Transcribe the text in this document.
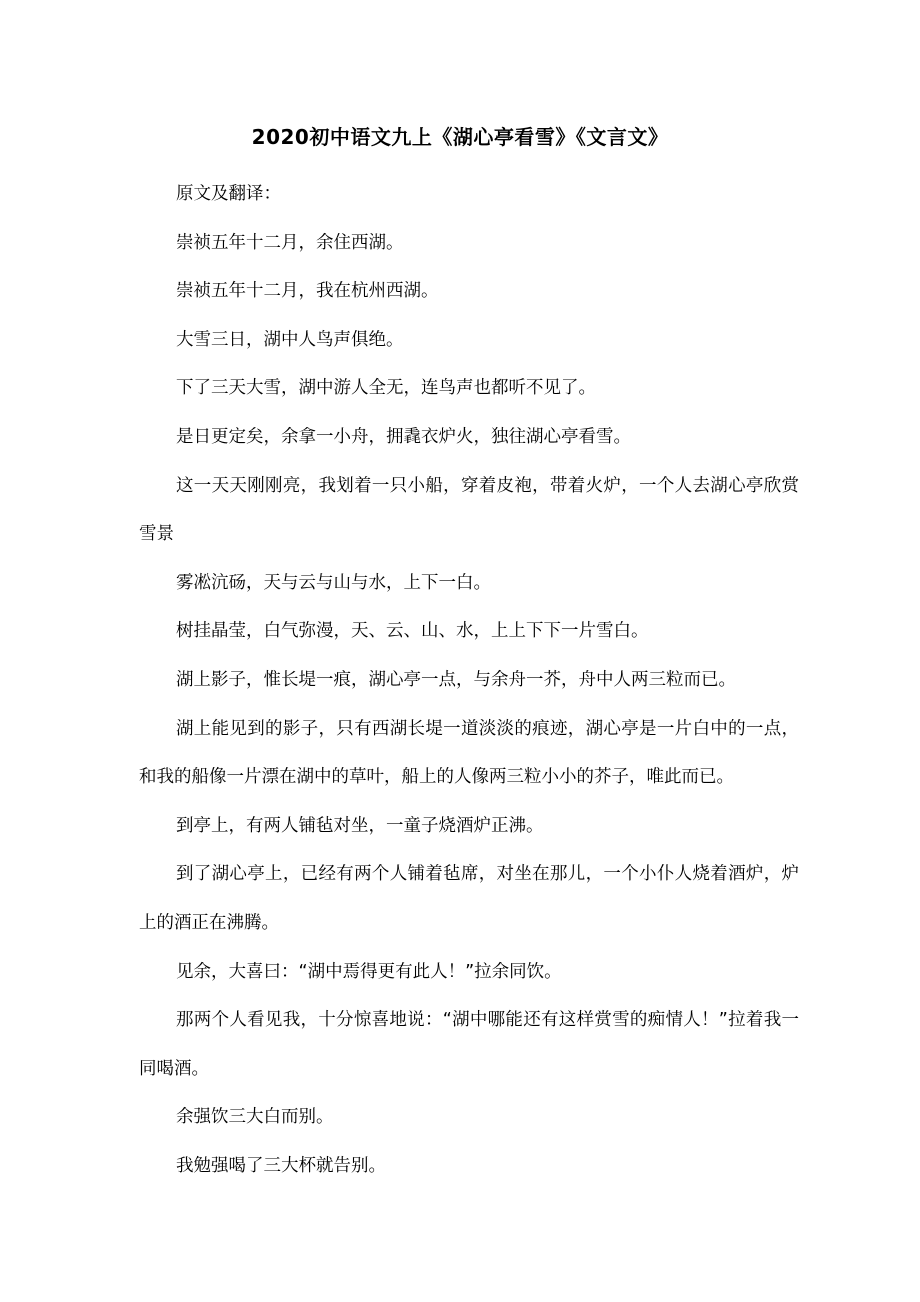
2020初中语文九上《湖心亭看雪》《文言文》

原文及翻译：

崇祯五年十二月，余住西湖。

崇祯五年十二月，我在杭州西湖。

大雪三日，湖中人鸟声俱绝。

下了三天大雪，湖中游人全无，连鸟声也都听不见了。

是日更定矣，余拿一小舟，拥毳衣炉火，独往湖心亭看雪。

这一天天刚刚亮，我划着一只小船，穿着皮袍，带着火炉，一个人去湖心亭欣赏雪景

雾凇沆砀，天与云与山与水，上下一白。

树挂晶莹，白气弥漫，天、云、山、水，上上下下一片雪白。

湖上影子，惟长堤一痕，湖心亭一点，与余舟一芥，舟中人两三粒而已。

湖上能见到的影子，只有西湖长堤一道淡淡的痕迹，湖心亭是一片白中的一点，和我的船像一片漂在湖中的草叶，船上的人像两三粒小小的芥子，唯此而已。

到亭上，有两人铺毡对坐，一童子烧酒炉正沸。

到了湖心亭上，已经有两个人铺着毡席，对坐在那儿，一个小仆人烧着酒炉，炉上的酒正在沸腾。

见余，大喜曰：“湖中焉得更有此人！”拉余同饮。

那两个人看见我，十分惊喜地说：“湖中哪能还有这样赏雪的痴情人！”拉着我一同喝酒。

余强饮三大白而别。

我勉强喝了三大杯就告别。
